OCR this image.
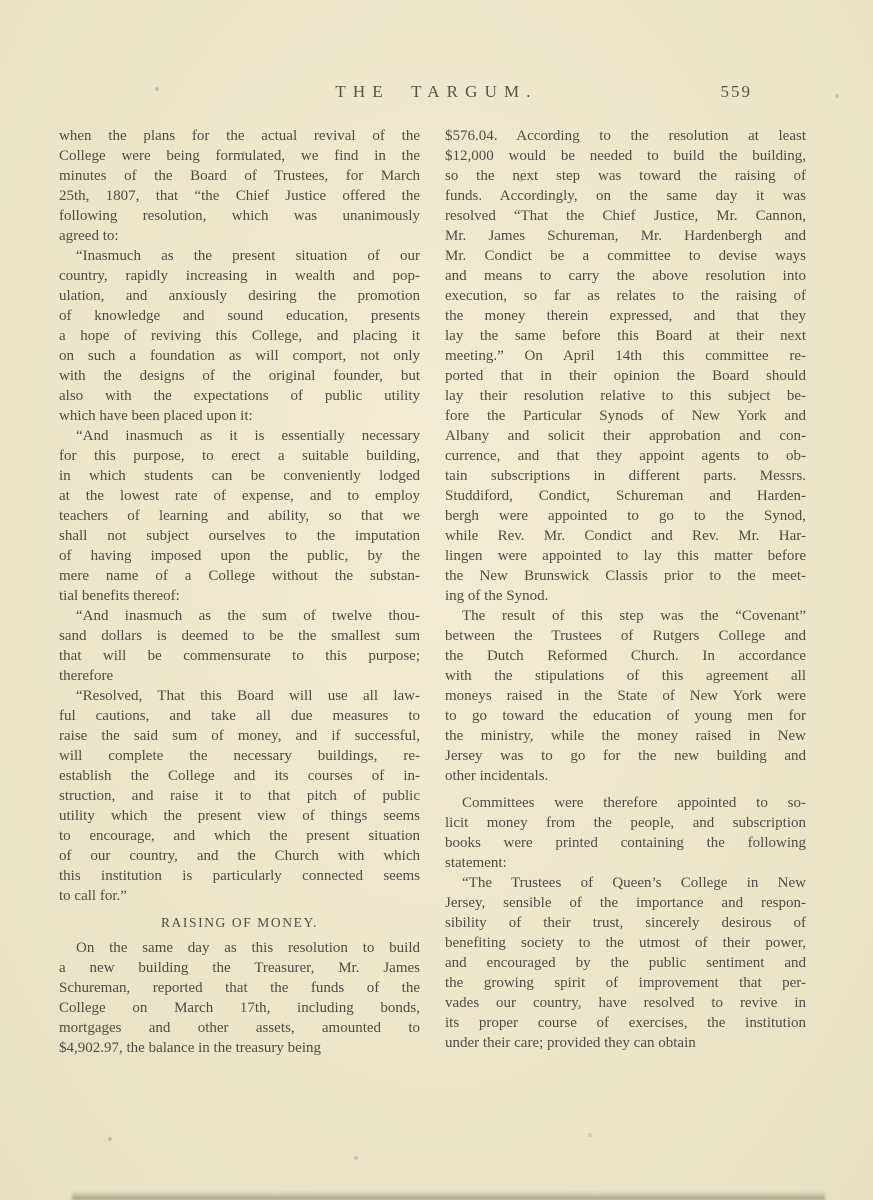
THE TARGUM.	559
when the plans for the actual revival of the
College were being formulated, we find in the
minutes of the Board of Trustees, for March
25th, 1807, that “the Chief Justice offered the
following resolution, which was unanimously
agreed to:
“Inasmuch as the present situation of our
country, rapidly increasing in wealth and pop-
ulation, and anxiously desiring the promotion
of knowledge and sound education, presents
a hope of reviving this College, and placing it
on such a foundation as will comport, not only
with the designs of the original founder, but
also with the expectations of public utility
which have been placed upon it:
“And inasmuch as it is essentially necessary
for this purpose, to erect a suitable building,
in which students can be conveniently lodged
at the lowest rate of expense, and to employ
teachers of learning and ability, so that we
shall not subject ourselves to the imputation
of having imposed upon the public, by the
mere name of a College without the substan-
tial benefits thereof:
“And inasmuch as the sum of twelve thou-
sand dollars is deemed to be the smallest sum
that will be commensurate to this purpose;
therefore
“Resolved, That this Board will use all law-
ful cautions, and take all due measures to
raise the said sum of money, and if successful,
will complete the necessary buildings, re-
establish the College and its courses of in-
struction, and raise it to that pitch of public
utility which the present view of things seems
to encourage, and which the present situation
of our country, and the Church with which
this institution is particularly connected seems
to call for.”
RAISING OF MONEY.
On the same day as this resolution to build
a new building the Treasurer, Mr. James
Schureman, reported that the funds of the
College on March 17th, including bonds,
mortgages and other assets, amounted to
$4,902.97, the balance in the treasury being
$576.04. According to the resolution at least
$12,000 would be needed to build the building,
so the next step was toward the raising of
funds. Accordingly, on the same day it was
resolved “That the Chief Justice, Mr. Cannon,
Mr. James Schureman, Mr. Hardenbergh and
Mr. Condict be a committee to devise ways
and means to carry the above resolution into
execution, so far as relates to the raising of
the money therein expressed, and that they
lay the same before this Board at their next
meeting.” On April 14th this committee re-
ported that in their opinion the Board should
lay their resolution relative to this subject be-
fore the Particular Synods of New York and
Albany and solicit their approbation and con-
currence, and that they appoint agents to ob-
tain subscriptions in different parts. Messrs.
Studdiford, Condict, Schureman and Harden-
bergh were appointed to go to the Synod,
while Rev. Mr. Condict and Rev. Mr. Har-
lingen were appointed to lay this matter before
the New Brunswick Classis prior to the meet-
ing of the Synod.
The result of this step was the “Covenant”
between the Trustees of Rutgers College and
the Dutch Reformed Church. In accordance
with the stipulations of this agreement all
moneys raised in the State of New York were
to go toward the education of young men for
the ministry, while the money raised in New
Jersey was to go for the new building and
other incidentals.
Committees were therefore appointed to so-
licit money from the people, and subscription
books were printed containing the following
statement:
“The Trustees of Queen’s College in New
Jersey, sensible of the importance and respon-
sibility of their trust, sincerely desirous of
benefiting society to the utmost of their power,
and encouraged by the public sentiment and
the growing spirit of improvement that per-
vades our country, have resolved to revive in
its proper course of exercises, the institution
under their care; provided they can obtain
